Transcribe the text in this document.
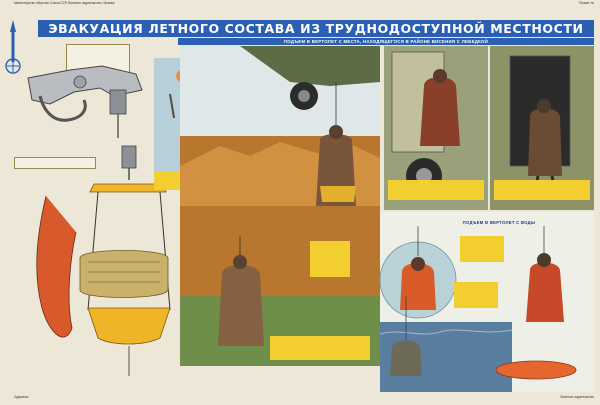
Министерство обороны Союза ССР. Военное издательство. Москва	Плакат №
ЭВАКУАЦИЯ ЛЕТНОГО СОСТАВА ИЗ ТРУДНОДОСТУПНОЙ МЕСТНОСТИ
ПОДЪЕМ В ВЕРТОЛЕТ С МЕСТА, НАХОДЯЩЕГОСЯ В РАЙОНЕ ВИСЕНИЯ С ЛЕБЕДКОЙ
ПОДЪЕМ В ВЕРТОЛЕТ С ВОДЫ
Художник	Военное издательство
